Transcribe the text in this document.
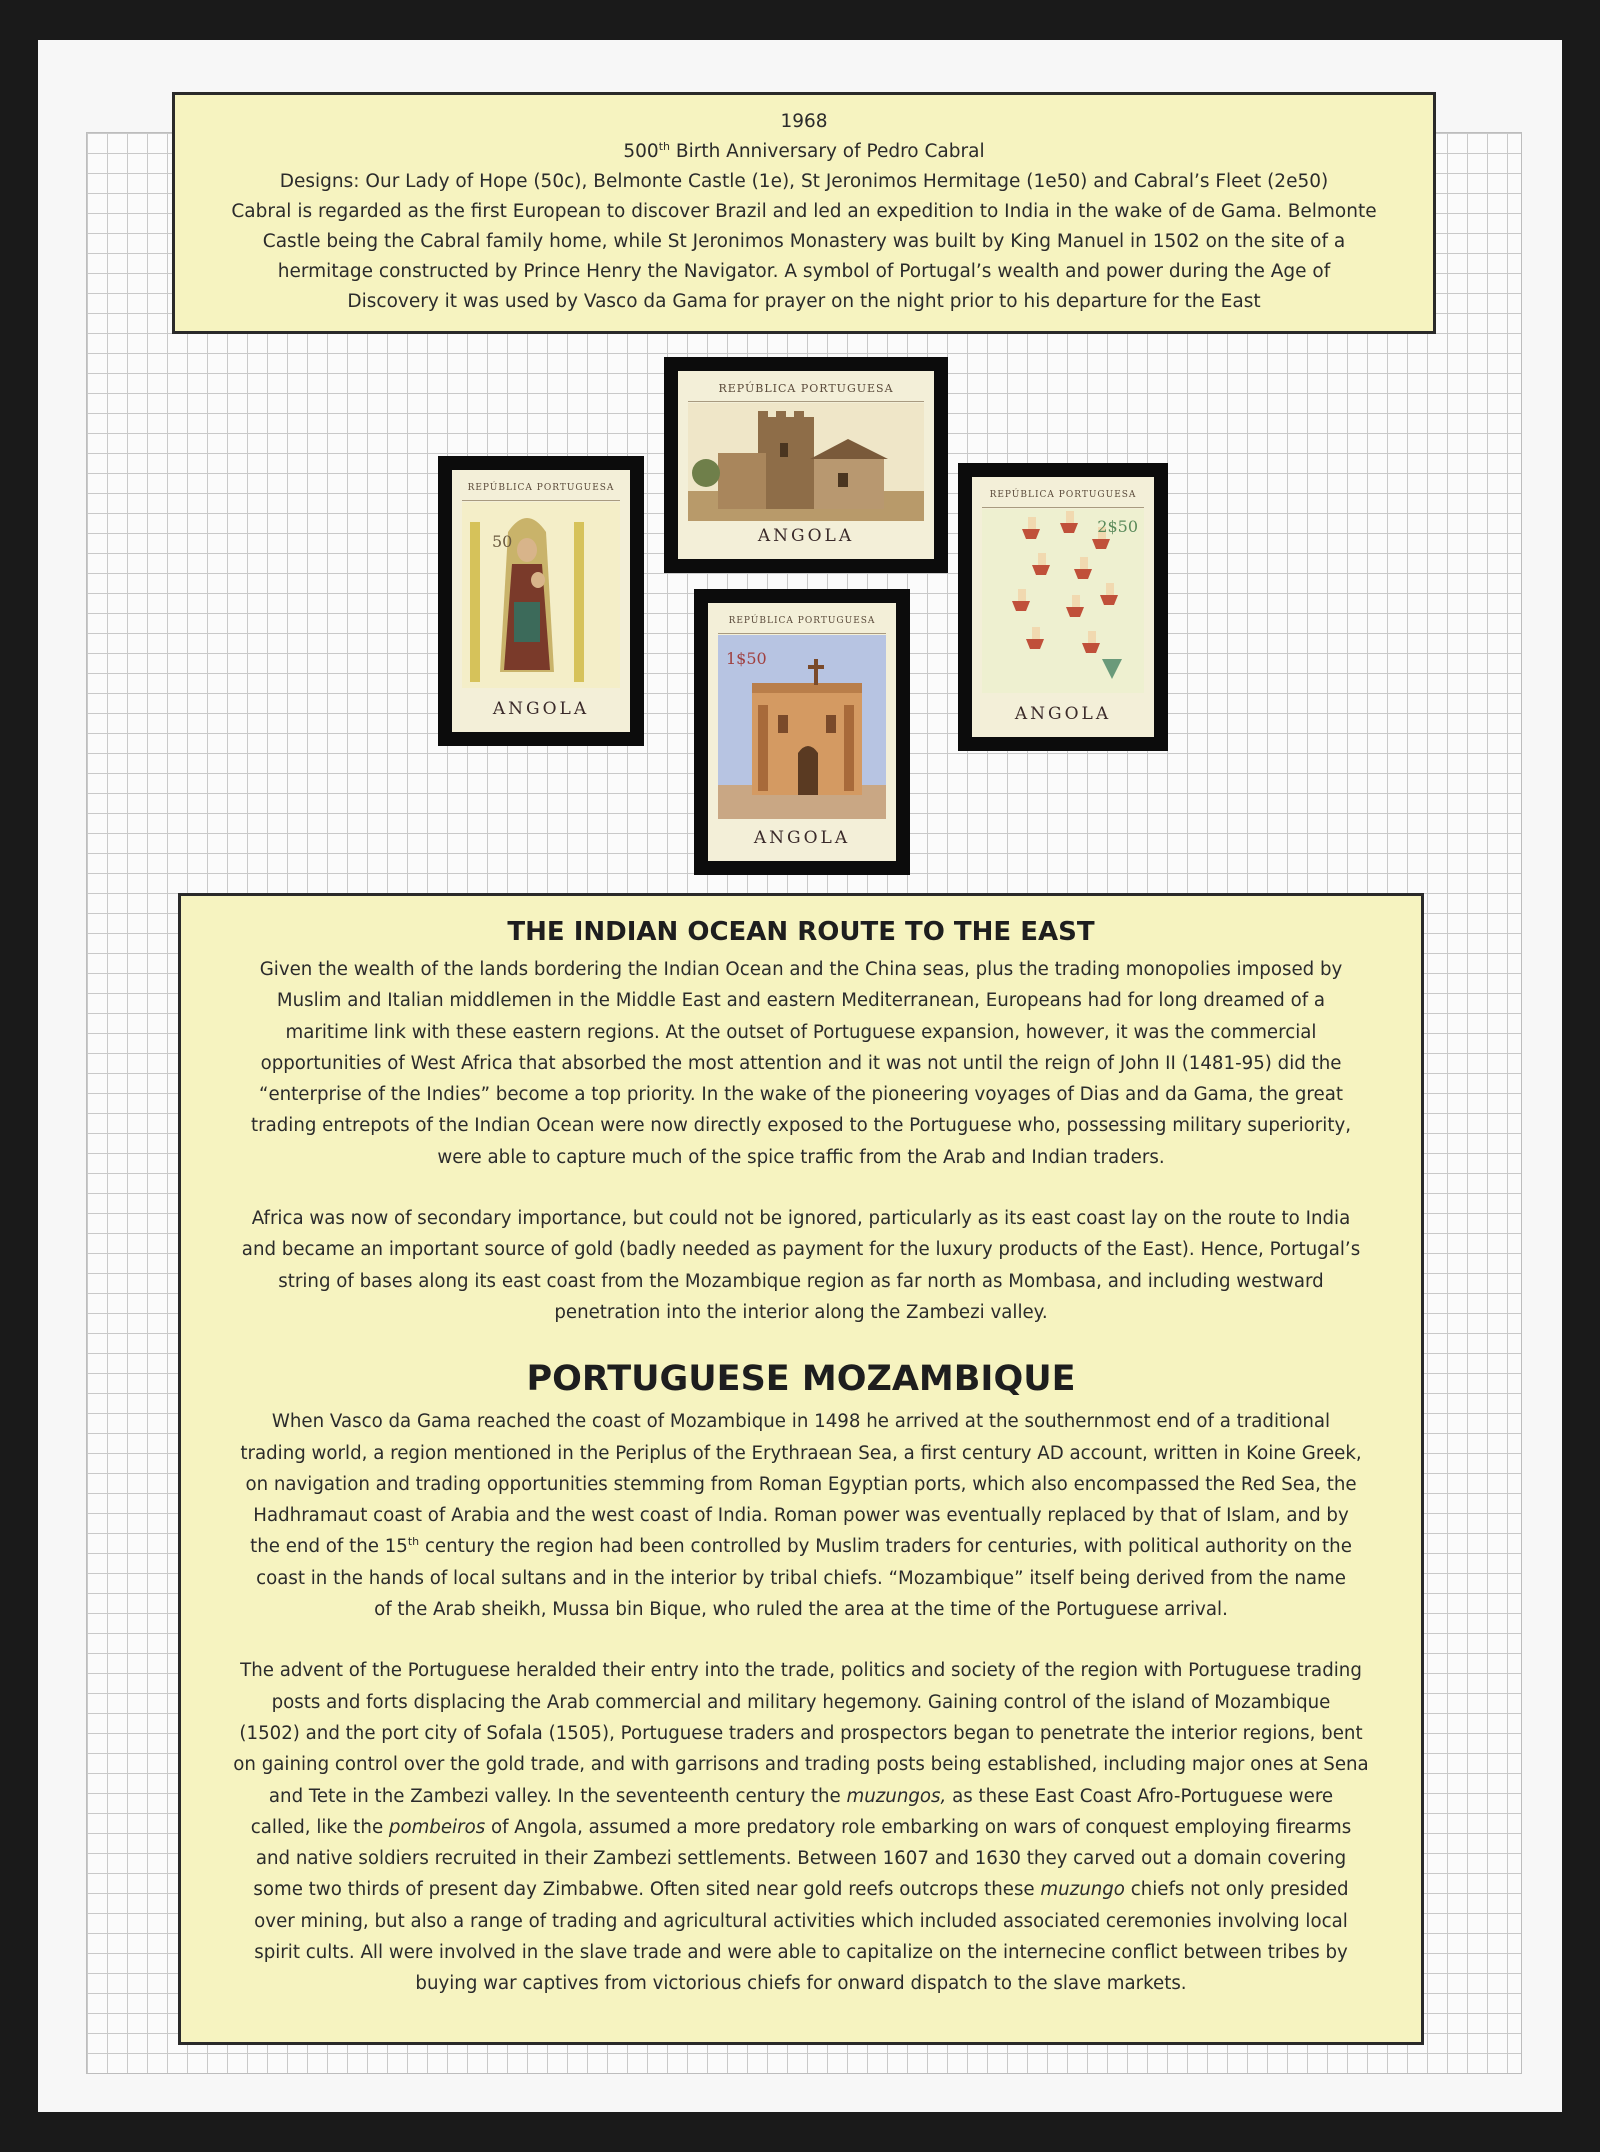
1968
500th Birth Anniversary of Pedro Cabral
Designs: Our Lady of Hope (50c), Belmonte Castle (1e), St Jeronimos Hermitage (1e50) and Cabral’s Fleet (2e50)
Cabral is regarded as the first European to discover Brazil and led an expedition to India in the wake of de Gama. Belmonte
Castle being the Cabral family home, while St Jeronimos Monastery was built by King Manuel in 1502 on the site of a
hermitage constructed by Prince Henry the Navigator. A symbol of Portugal’s wealth and power during the Age of
Discovery it was used by Vasco da Gama for prayer on the night prior to his departure for the East
REPÚBLICA PORTUGUESA
ANGOLA
REPÚBLICA PORTUGUESA
50
ANGOLA
REPÚBLICA PORTUGUESA
2$50
ANGOLA
REPÚBLICA PORTUGUESA
1$50
ANGOLA
THE INDIAN OCEAN ROUTE TO THE EAST

Given the wealth of the lands bordering the Indian Ocean and the China seas, plus the trading monopolies imposed by

Muslim and Italian middlemen in the Middle East and eastern Mediterranean, Europeans had for long dreamed of a

maritime link with these eastern regions. At the outset of Portuguese expansion, however, it was the commercial

opportunities of West Africa that absorbed the most attention and it was not until the reign of John II (1481-95) did the

“enterprise of the Indies” become a top priority. In the wake of the pioneering voyages of Dias and da Gama, the great

trading entrepots of the Indian Ocean were now directly exposed to the Portuguese who, possessing military superiority,

were able to capture much of the spice traffic from the Arab and Indian traders.

Africa was now of secondary importance, but could not be ignored, particularly as its east coast lay on the route to India

and became an important source of gold (badly needed as payment for the luxury products of the East). Hence, Portugal’s

string of bases along its east coast from the Mozambique region as far north as Mombasa, and including westward

penetration into the interior along the Zambezi valley.

PORTUGUESE MOZAMBIQUE

When Vasco da Gama reached the coast of Mozambique in 1498 he arrived at the southernmost end of a traditional

trading world, a region mentioned in the Periplus of the Erythraean Sea, a first century AD account, written in Koine Greek,

on navigation and trading opportunities stemming from Roman Egyptian ports, which also encompassed the Red Sea, the

Hadhramaut coast of Arabia and the west coast of India. Roman power was eventually replaced by that of Islam, and by

the end of the 15th century the region had been controlled by Muslim traders for centuries, with political authority on the

coast in the hands of local sultans and in the interior by tribal chiefs. “Mozambique” itself being derived from the name

of the Arab sheikh, Mussa bin Bique, who ruled the area at the time of the Portuguese arrival.

The advent of the Portuguese heralded their entry into the trade, politics and society of the region with Portuguese trading

posts and forts displacing the Arab commercial and military hegemony. Gaining control of the island of Mozambique

(1502) and the port city of Sofala (1505), Portuguese traders and prospectors began to penetrate the interior regions, bent

on gaining control over the gold trade, and with garrisons and trading posts being established, including major ones at Sena

and Tete in the Zambezi valley. In the seventeenth century the muzungos, as these East Coast Afro-Portuguese were

called, like the pombeiros of Angola, assumed a more predatory role embarking on wars of conquest employing firearms

and native soldiers recruited in their Zambezi settlements. Between 1607 and 1630 they carved out a domain covering

some two thirds of present day Zimbabwe. Often sited near gold reefs outcrops these muzungo chiefs not only presided

over mining, but also a range of trading and agricultural activities which included associated ceremonies involving local

spirit cults. All were involved in the slave trade and were able to capitalize on the internecine conflict between tribes by

buying war captives from victorious chiefs for onward dispatch to the slave markets.
